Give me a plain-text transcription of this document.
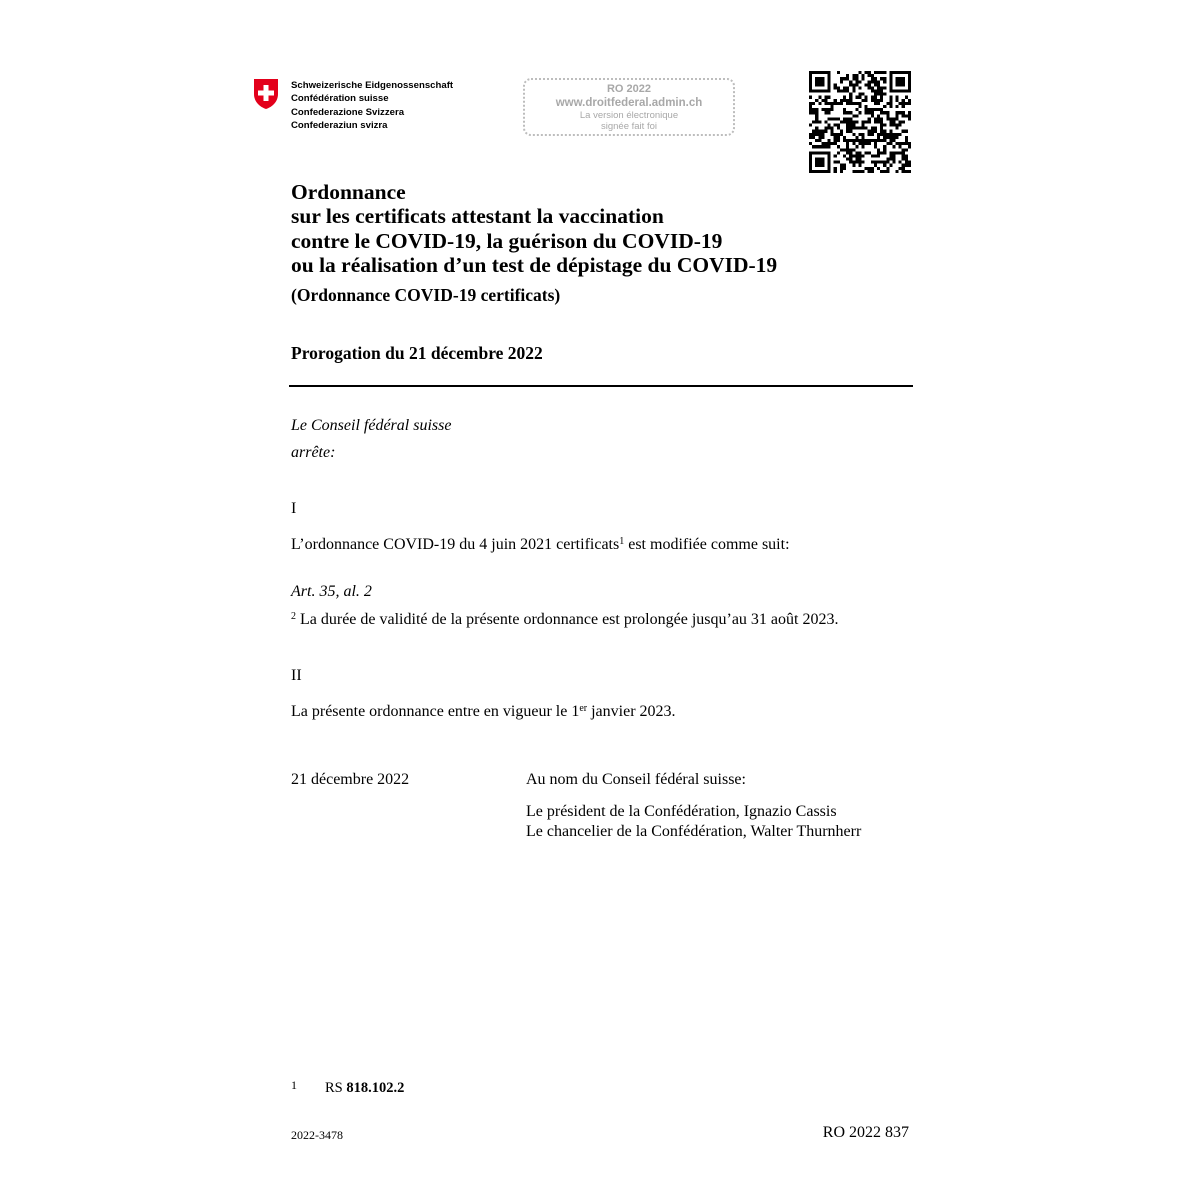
Schweizerische Eidgenossenschaft
Confédération suisse
Confederazione Svizzera
Confederaziun svizra
RO 2022
www.droitfederal.admin.ch
La version électronique
signée fait foi
Ordonnance
sur les certificats attestant la vaccination
contre le COVID-19, la guérison du COVID-19
ou la réalisation d’un test de dépistage du COVID-19
(Ordonnance COVID-19 certificats)
Prorogation du 21 décembre 2022
Le Conseil fédéral suisse
arrête:
I
L’ordonnance COVID-19 du 4 juin 2021 certificats$^1$ est modifiée comme suit:
Art. 35, al. 2
$^2$ La durée de validité de la présente ordonnance est prolongée jusqu’au 31 août 2023.
II
La présente ordonnance entre en vigueur le 1er janvier 2023.
21 décembre 2022	Au nom du Conseil fédéral suisse:
Le président de la Confédération, Ignazio Cassis
Le chancelier de la Confédération, Walter Thurnherr
1 RS 818.102.2
2022-3478	RO 2022 837
